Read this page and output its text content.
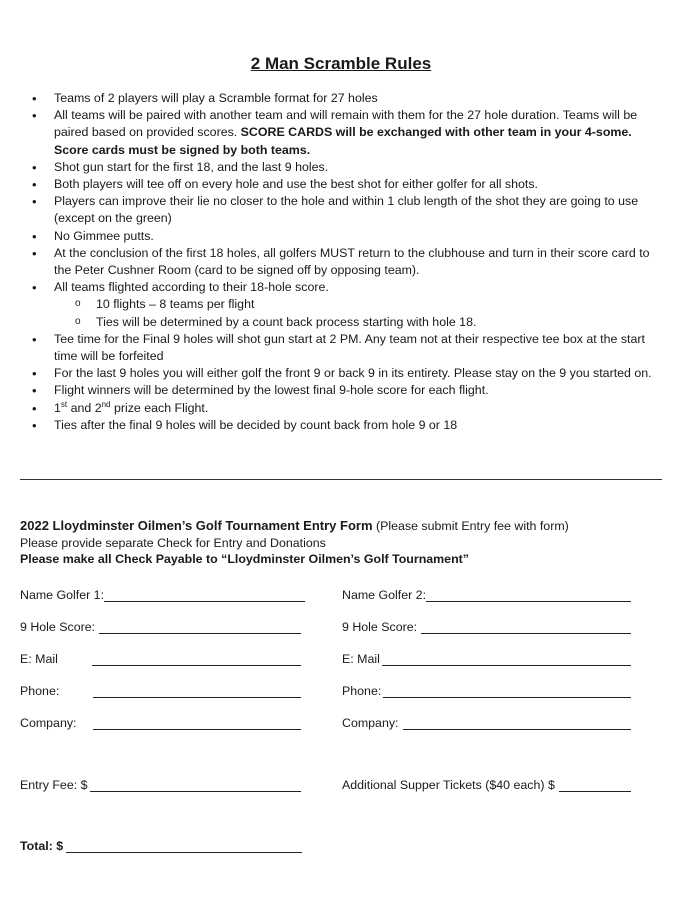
2 Man Scramble Rules
• Teams of 2 players will play a Scramble format for 27 holes
• All teams will be paired with another team and will remain with them for the 27 hole duration. Teams will be paired based on provided scores. SCORE CARDS will be exchanged with other team in your 4-some. Score cards must be signed by both teams.
• Shot gun start for the first 18, and the last 9 holes.
• Both players will tee off on every hole and use the best shot for either golfer for all shots.
• Players can improve their lie no closer to the hole and within 1 club length of the shot they are going to use (except on the green)
• No Gimmee putts.
• At the conclusion of the first 18 holes, all golfers MUST return to the clubhouse and turn in their score card to the Peter Cushner Room (card to be signed off by opposing team).
• All teams flighted according to their 18-hole score.
o 10 flights – 8 teams per flight
o Ties will be determined by a count back process starting with hole 18.
• Tee time for the Final 9 holes will shot gun start at 2 PM. Any team not at their respective tee box at the start time will be forfeited
• For the last 9 holes you will either golf the front 9 or back 9 in its entirety. Please stay on the 9 you started on.
• Flight winners will be determined by the lowest final 9-hole score for each flight.
• 1st and 2nd prize each Flight.
• Ties after the final 9 holes will be decided by count back from hole 9 or 18
2022 Lloydminster Oilmen’s Golf Tournament Entry Form (Please submit Entry fee with form)
Please provide separate Check for Entry and Donations
Please make all Check Payable to “Lloydminster Oilmen’s Golf Tournament”
Name Golfer 1:
9 Hole Score:
E: Mail
Phone:
Company:
Name Golfer 2:
9 Hole Score:
E: Mail
Phone:
Company:
Entry Fee: $	Additional Supper Tickets ($40 each) $
Total: $
